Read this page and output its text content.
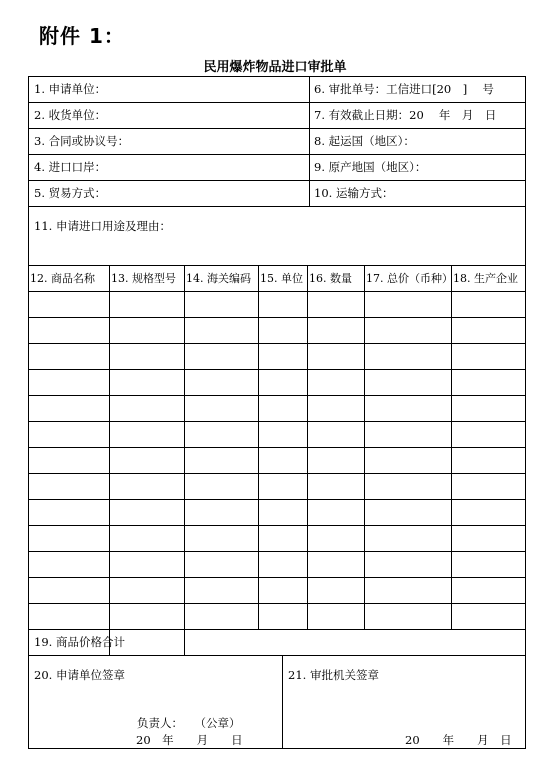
附件 1：
民用爆炸物品进口审批单
1. 申请单位：	6. 审批单号：工信进口[20　]　 号
2. 收货单位：	7. 有效截止日期：20　 年　月　日
3. 合同或协议号：	8. 起运国（地区）：
4. 进口口岸：	9. 原产地国（地区）：
5. 贸易方式：	10. 运输方式：
11. 申请进口用途及理由：
12. 商品名称 13. 规格型号 14. 海关编码 15. 单位 16. 数量 17. 总价（币种） 18. 生产企业
19. 商品价格合计
20. 申请单位签章
负责人：　　（公章）
20　年　　月　　日
21. 审批机关签章
20　　年　　月　日
